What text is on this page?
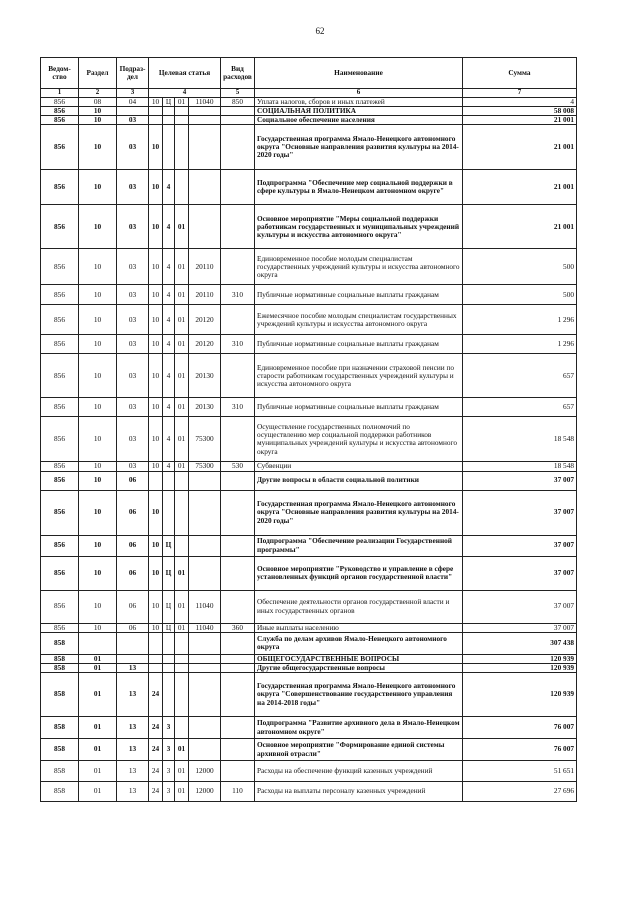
62
Ведом-ство	Раздел	Подраз-дел	Целевая статья				Вид расходов	Наименование	Сумма
1	2	3	4				5	6	7
856	08	04	10	Ц	01	11040	850	Уплата налогов, сборов и иных платежей	4
856	10							СОЦИАЛЬНАЯ ПОЛИТИКА	58 008
856	10	03						Социальное обеспечение населения	21 001
856	10	03	10					Государственная программа Ямало-Ненецкого автономного округа "Основные направления развития культуры на 2014-2020 годы"	21 001
856	10	03	10	4				Подпрограмма "Обеспечение мер социальной поддержки в сфере культуры в Ямало-Ненецком автономном округе"	21 001
856	10	03	10	4	01			Основное мероприятие "Меры социальной поддержки работникам государственных и муниципальных учреждений культуры и искусства автономного округа"	21 001
856	10	03	10	4	01	20110		Единовременное пособие молодым специалистам государственных учреждений культуры и искусства автономного округа	500
856	10	03	10	4	01	20110	310	Публичные нормативные социальные выплаты гражданам	500
856	10	03	10	4	01	20120		Ежемесячное пособие молодым специалистам государственных учреждений культуры и искусства автономного округа	1 296
856	10	03	10	4	01	20120	310	Публичные нормативные социальные выплаты гражданам	1 296
856	10	03	10	4	01	20130		Единовременное пособие при назначении страховой пенсии по старости работникам государственных учреждений культуры и искусства автономного округа	657
856	10	03	10	4	01	20130	310	Публичные нормативные социальные выплаты гражданам	657
856	10	03	10	4	01	75300		Осуществление государственных полномочий по осуществлению мер социальной поддержки работников муниципальных учреждений культуры и искусства автономного округа	18 548
856	10	03	10	4	01	75300	530	Субвенции	18 548
856	10	06						Другие вопросы в области социальной политики	37 007
856	10	06	10					Государственная программа Ямало-Ненецкого автономного округа "Основные направления развития культуры на 2014-2020 годы"	37 007
856	10	06	10	Ц				Подпрограмма "Обеспечение реализации Государственной программы"	37 007
856	10	06	10	Ц	01			Основное мероприятие "Руководство и управление в сфере установленных функций органов государственной власти"	37 007
856	10	06	10	Ц	01	11040		Обеспечение деятельности органов государственной власти и иных государственных органов	37 007
856	10	06	10	Ц	01	11040	360	Иные выплаты населению	37 007
858								Служба по делам архивов Ямало-Ненецкого автономного округа	307 438
858	01							ОБЩЕГОСУДАРСТВЕННЫЕ ВОПРОСЫ	120 939
858	01	13						Другие общегосударственные вопросы	120 939
858	01	13	24					Государственная программа Ямало-Ненецкого автономного округа "Совершенствование государственного управления на 2014-2018 годы"	120 939
858	01	13	24	3				Подпрограмма "Развитие архивного дела в Ямало-Ненецком автономном округе"	76 007
858	01	13	24	3	01			Основное мероприятие "Формирование единой системы архивной отрасли"	76 007
858	01	13	24	3	01	12000		Расходы на обеспечение функций казенных учреждений	51 651
858	01	13	24	3	01	12000	110	Расходы на выплаты персоналу казенных учреждений	27 696
